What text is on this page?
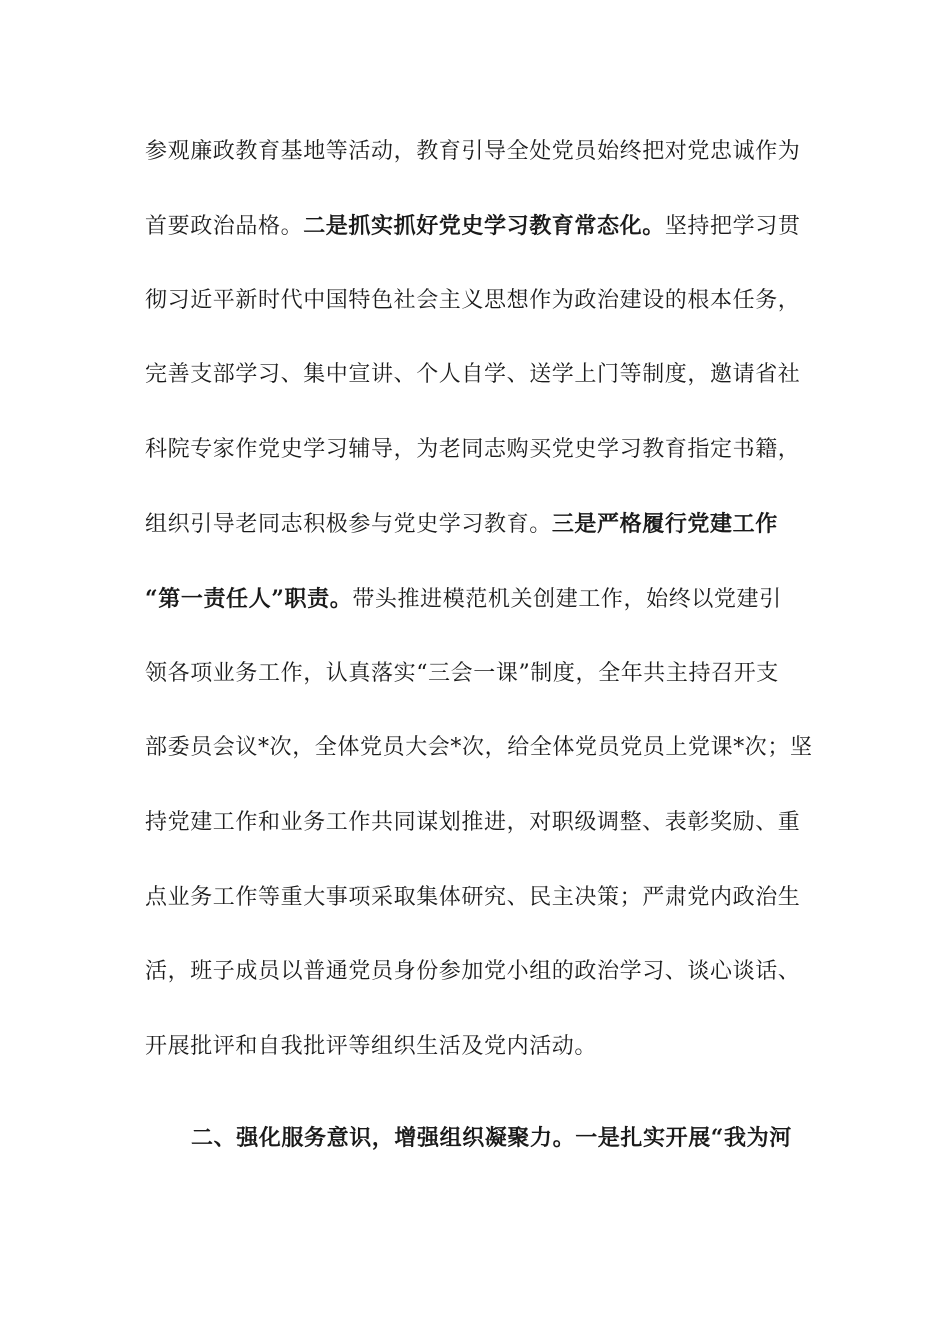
参观廉政教育基地等活动，教育引导全处党员始终把对党忠诚作为
首要政治品格。二是抓实抓好党史学习教育常态化。坚持把学习贯
彻习近平新时代中国特色社会主义思想作为政治建设的根本任务，
完善支部学习、集中宣讲、个人自学、送学上门等制度，邀请省社
科院专家作党史学习辅导，为老同志购买党史学习教育指定书籍，
组织引导老同志积极参与党史学习教育。三是严格履行党建工作
“第一责任人”职责。带头推进模范机关创建工作，始终以党建引
领各项业务工作，认真落实“三会一课”制度，全年共主持召开支
部委员会议*次，全体党员大会*次，给全体党员党员上党课*次；坚
持党建工作和业务工作共同谋划推进，对职级调整、表彰奖励、重
点业务工作等重大事项采取集体研究、民主决策；严肃党内政治生
活，班子成员以普通党员身份参加党小组的政治学习、谈心谈话、
开展批评和自我批评等组织生活及党内活动。
二、强化服务意识，增强组织凝聚力。一是扎实开展“我为河
